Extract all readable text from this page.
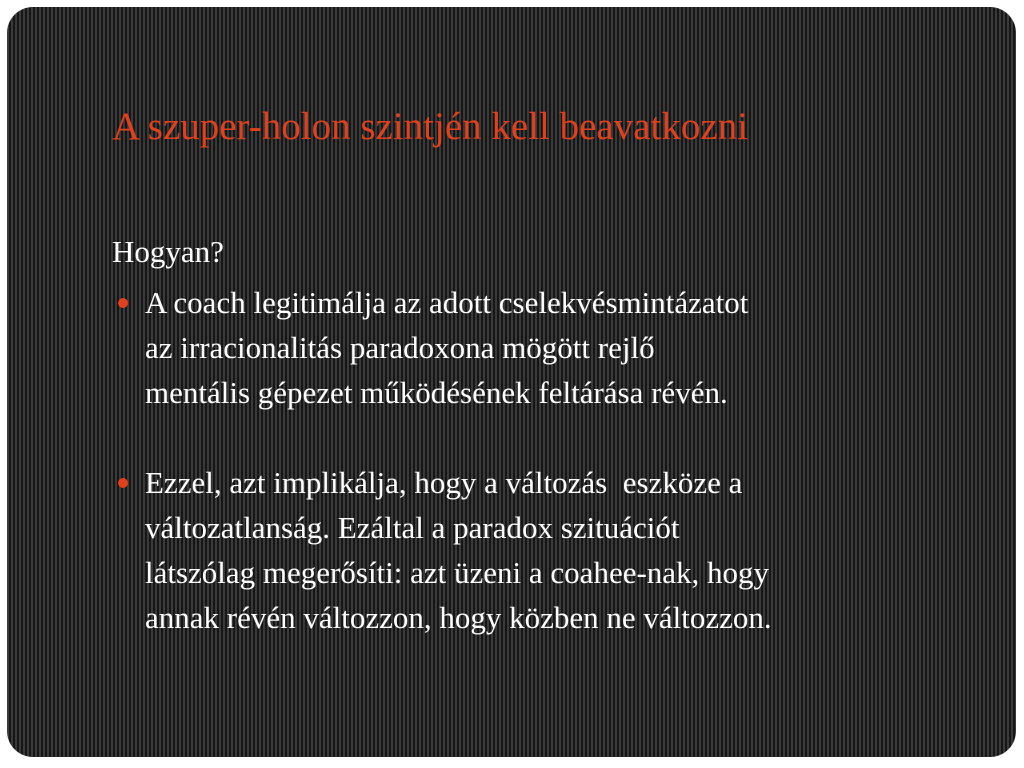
A szuper-holon szintjén kell beavatkozni

Hogyan?

A coach legitimálja az adott cselekvésmintázatot
az irracionalitás paradoxona mögött rejlő
mentális gépezet működésének feltárása révén.
Ezzel, azt implikálja, hogy a változás  eszköze a
változatlanság. Ezáltal a paradox szituációt
látszólag megerősíti: azt üzeni a coahee-nak, hogy
annak révén változzon, hogy közben ne változzon.
